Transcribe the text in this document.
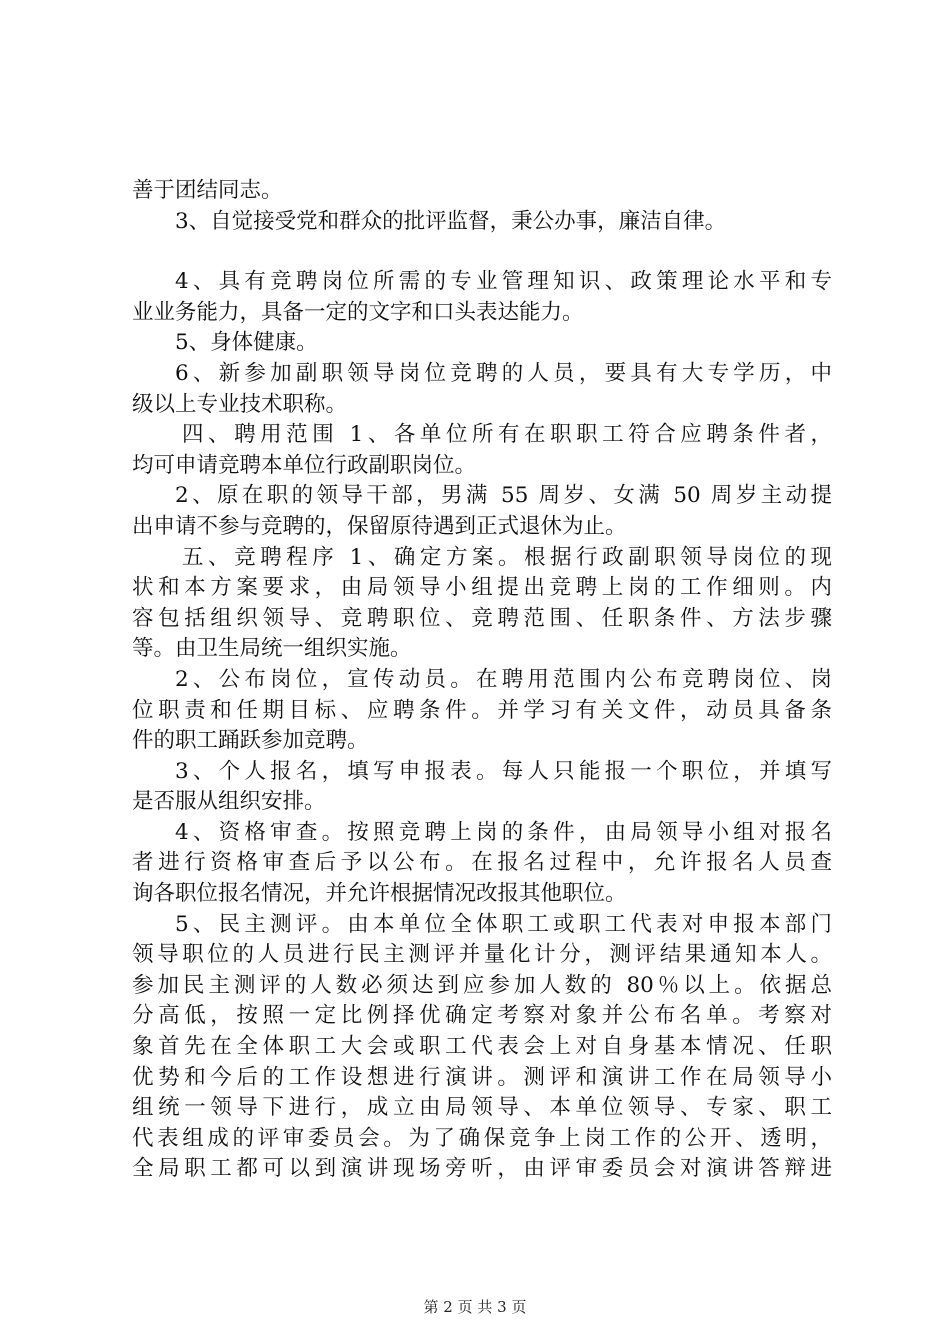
善于团结同志。
3、自觉接受党和群众的批评监督，秉公办事，廉洁自律。
4、具有竞聘岗位所需的专业管理知识、政策理论水平和专
业业务能力，具备一定的文字和口头表达能力。
5、身体健康。
6、新参加副职领导岗位竞聘的人员，要具有大专学历，中
级以上专业技术职称。
四、聘用范围 1、各单位所有在职职工符合应聘条件者，
均可申请竞聘本单位行政副职岗位。
2、原在职的领导干部，男满 55 周岁、女满 50 周岁主动提
出申请不参与竞聘的，保留原待遇到正式退休为止。
五、竞聘程序 1、确定方案。根据行政副职领导岗位的现
状和本方案要求，由局领导小组提出竞聘上岗的工作细则。内
容包括组织领导、竞聘职位、竞聘范围、任职条件、方法步骤
等。由卫生局统一组织实施。
2、公布岗位，宣传动员。在聘用范围内公布竞聘岗位、岗
位职责和任期目标、应聘条件。并学习有关文件，动员具备条
件的职工踊跃参加竞聘。
3、个人报名，填写申报表。每人只能报一个职位，并填写
是否服从组织安排。
4、资格审查。按照竞聘上岗的条件，由局领导小组对报名
者进行资格审查后予以公布。在报名过程中，允许报名人员查
询各职位报名情况，并允许根据情况改报其他职位。
5、民主测评。由本单位全体职工或职工代表对申报本部门
领导职位的人员进行民主测评并量化计分，测评结果通知本人。
参加民主测评的人数必须达到应参加人数的 80％以上。依据总
分高低，按照一定比例择优确定考察对象并公布名单。考察对
象首先在全体职工大会或职工代表会上对自身基本情况、任职
优势和今后的工作设想进行演讲。测评和演讲工作在局领导小
组统一领导下进行，成立由局领导、本单位领导、专家、职工
代表组成的评审委员会。为了确保竞争上岗工作的公开、透明，
全局职工都可以到演讲现场旁听，由评审委员会对演讲答辩进
第 2 页 共 3 页
